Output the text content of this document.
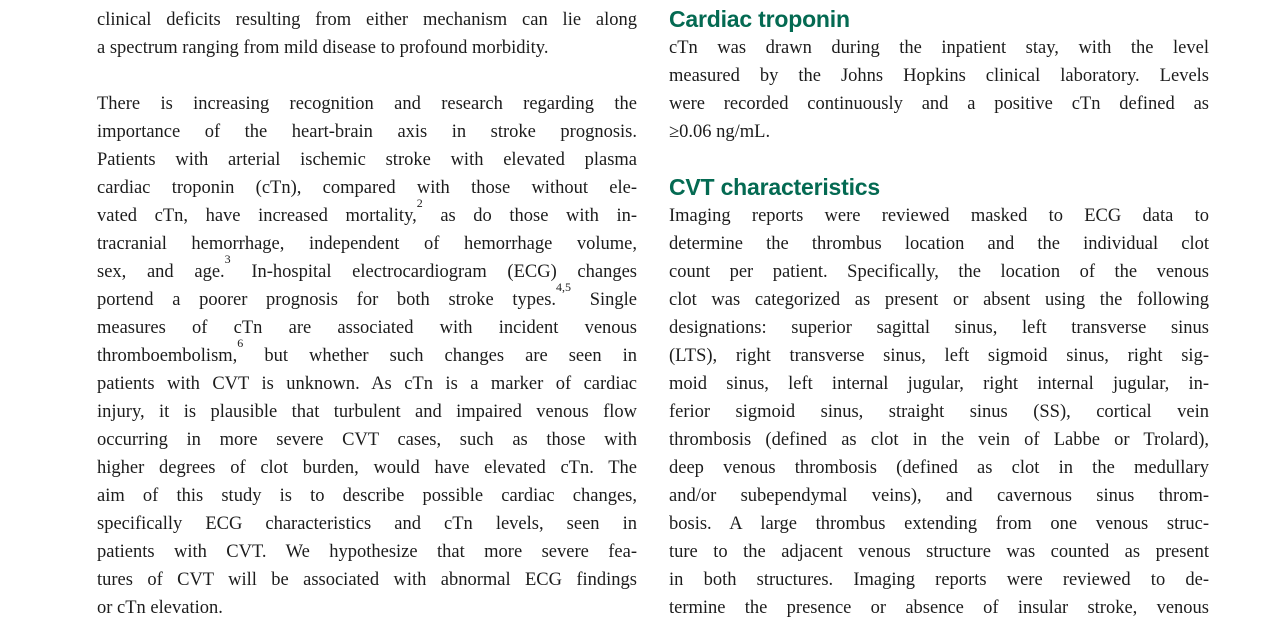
clinical deficits resulting from either mechanism can lie along
a spectrum ranging from mild disease to profound morbidity.
There is increasing recognition and research regarding the
importance of the heart-brain axis in stroke prognosis.
Patients with arterial ischemic stroke with elevated plasma
cardiac troponin (cTn), compared with those without ele-
vated cTn, have increased mortality,$^2$ as do those with in-
tracranial hemorrhage, independent of hemorrhage volume,
sex, and age.$^3$ In-hospital electrocardiogram (ECG) changes
portend a poorer prognosis for both stroke types.$^{4,5}$ Single
measures of cTn are associated with incident venous
thromboembolism,$^6$ but whether such changes are seen in
patients with CVT is unknown. As cTn is a marker of cardiac
injury, it is plausible that turbulent and impaired venous flow
occurring in more severe CVT cases, such as those with
higher degrees of clot burden, would have elevated cTn. The
aim of this study is to describe possible cardiac changes,
specifically ECG characteristics and cTn levels, seen in
patients with CVT. We hypothesize that more severe fea-
tures of CVT will be associated with abnormal ECG findings
or cTn elevation.
Cardiac troponin
cTn was drawn during the inpatient stay, with the level
measured by the Johns Hopkins clinical laboratory. Levels
were recorded continuously and a positive cTn defined as
≥0.06 ng/mL.
CVT characteristics
Imaging reports were reviewed masked to ECG data to
determine the thrombus location and the individual clot
count per patient. Specifically, the location of the venous
clot was categorized as present or absent using the following
designations: superior sagittal sinus, left transverse sinus
(LTS), right transverse sinus, left sigmoid sinus, right sig-
moid sinus, left internal jugular, right internal jugular, in-
ferior sigmoid sinus, straight sinus (SS), cortical vein
thrombosis (defined as clot in the vein of Labbe or Trolard),
deep venous thrombosis (defined as clot in the medullary
and/or subependymal veins), and cavernous sinus throm-
bosis. A large thrombus extending from one venous struc-
ture to the adjacent venous structure was counted as present
in both structures. Imaging reports were reviewed to de-
termine the presence or absence of insular stroke, venous
